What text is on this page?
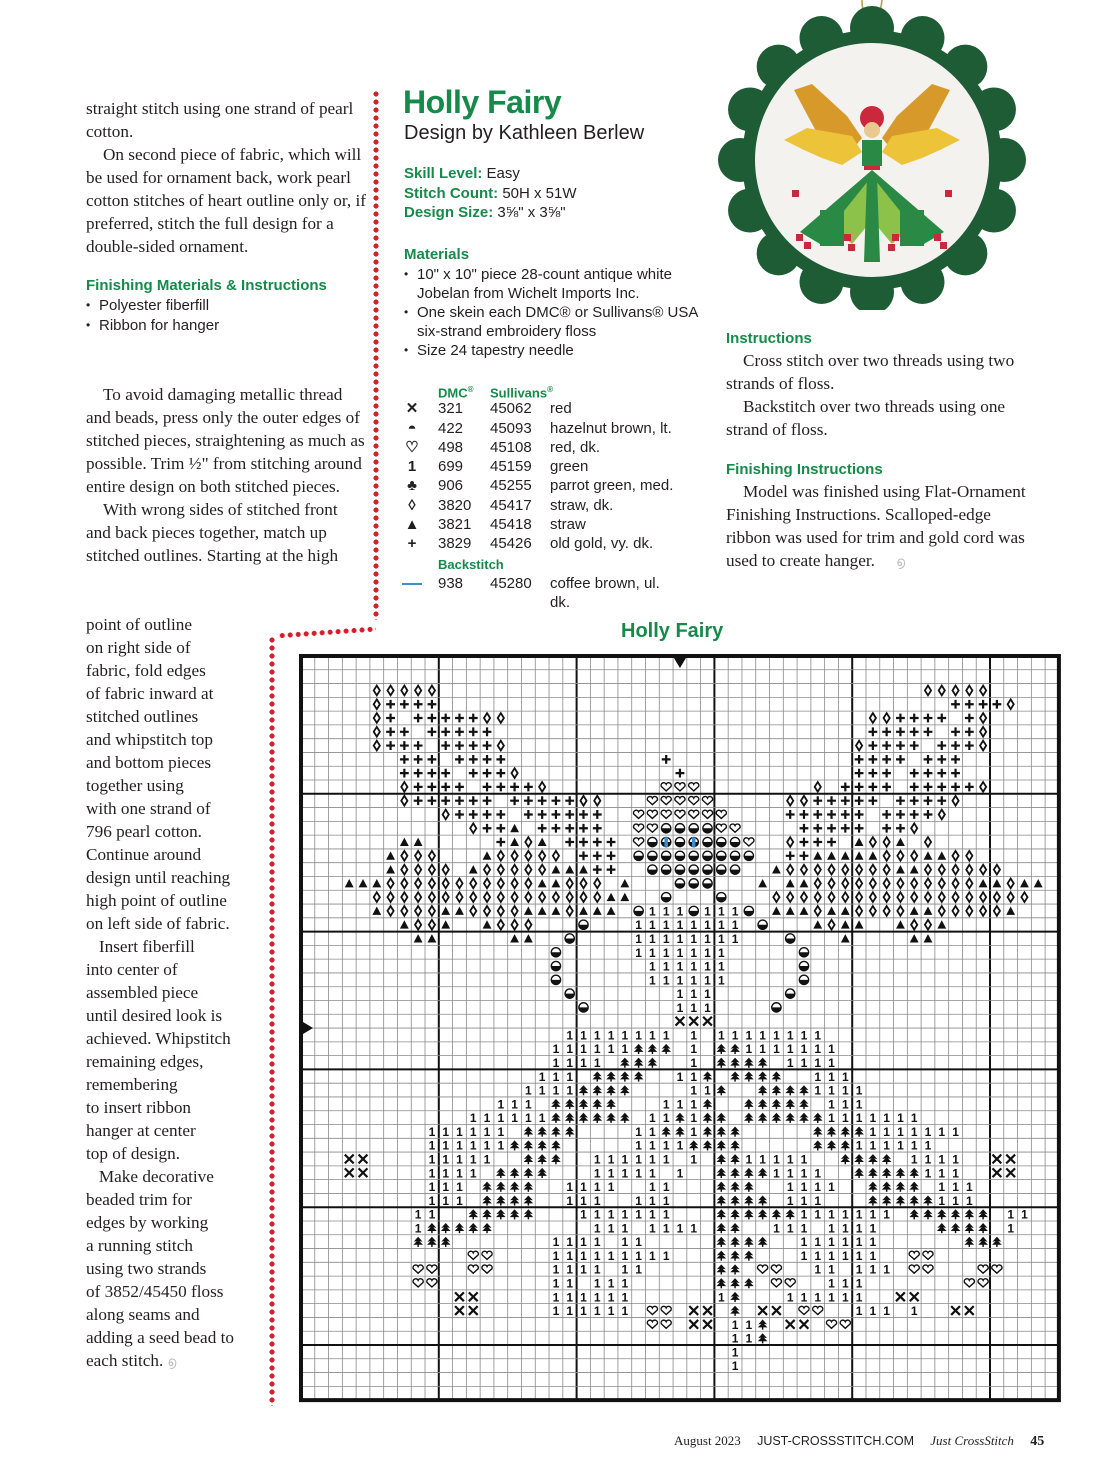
straight stitch using one strand of pearl cotton.

On second piece of fabric, which will be used for ornament back, work pearl cotton stitches of heart outline only or, if preferred, stitch the full design for a double-sided ornament.

Finishing Materials & Instructions
• Polyester fiberfill
• Ribbon for hanger

To avoid damaging metallic thread and beads, press only the outer edges of stitched pieces, straightening as much as possible. Trim ½" from stitching around entire design on both stitched pieces.

With wrong sides of stitched front and back pieces together, match up stitched outlines. Starting at the high

point of outline
on right side of
fabric, fold edges
of fabric inward at
stitched outlines
and whipstitch top
and bottom pieces
together using
with one strand of
796 pearl cotton.
Continue around
design until reaching
high point of outline
on left side of fabric.
Insert fiberfill
into center of
assembled piece
until desired look is
achieved. Whipstitch
remaining edges,
remembering
to insert ribbon
hanger at center
top of design.
Make decorative
beaded trim for
edges by working
a running stitch
using two strands
of 3852/45450 floss
along seams and
adding a seed bead to
each stitch. ൭
Holly Fairy
Design by Kathleen Berlew
Skill Level: Easy
Stitch Count: 50H x 51W
Design Size: 3⅝" x 3⅝"
Materials
• 10" x 10" piece 28-count antique white Jobelan from Wichelt Imports Inc.
• One skein each DMC® or Sullivans® USA six-strand embroidery floss
• Size 24 tapestry needle
DMC® Sullivans®
✕ 321 45062 red
◓ 422 45093 hazelnut brown, lt.
♡ 498 45108 red, dk.
1 699 45159 green
♣ 906 45255 parrot green, med.
◊ 3820 45417 straw, dk.
▲ 3821 45418 straw
+ 3829 45426 old gold, vy. dk.
Backstitch
938 45280 coffee brown, ul.
dk.
Instructions

Cross stitch over two threads using two strands of floss.

Backstitch over two threads using one strand of floss.

Finishing Instructions

Model was finished using Flat-Ornament Finishing Instructions. Scalloped-edge ribbon was used for trim and gold cord was used to create hanger. ൭

Holly Fairy
1 1 1 1 1 1
1 1 1 1 1 1 1 1
1 1 1 1 1 1 1 1
1 1 1 1 1 1 1
1 1 1 1 1 1
1 1 1 1 1 1
1 1 1
1 1 1
1 1 1 1 1 1 1 1 1 1 1 1 1 1 1 1 1
1 1 1 1 1 1	1	1 1 1 1 1 1 1
1 1 1 1	1	1 1 1 1
1 1 1	1 1	1 1 1
1 1 1 1	1 1	1 1 1 1
1 1 1	1 1 1	1 1 1
1 1 1 1 1 1	1 1 1	1 1 1 1 1 1 1
1 1 1 1 1 1	1 1	1	1 1 1 1 1 1 1
1 1 1 1 1 1	1 1 1 1	1 1 1 1 1 1
1 1 1 1 1	1 1 1 1 1 1 1	1 1 1 1 1	1 1 1 1
1 1 1 1	1 1 1 1 1 1	1 1 1 1	1 1 1
1 1 1	1 1 1 1	1 1	1 1 1 1	1 1 1
1 1 1	1 1 1	1 1 1	1 1 1	1 1 1
1 1	1 1 1 1 1 1 1	1 1 1 1 1 1 1	1 1
1	1 1 1 1 1 1 1	1 1 1 1 1 1 1	1
1 1 1 1 1 1	1 1 1 1 1 1
1 1 1 1 1 1 1 1 1	1 1 1 1 1 1
1 1 1 1 1 1	1 1 1 1 1
1 1 1 1 1	1 1 1
1 1 1 1 1 1	1	1 1 1 1 1 1
1 1 1 1 1 1	1 1 1 1
1 1
1 1
1
1
August 2023 JUST-CROSSSTITCH.COM Just CrossStitch 45
